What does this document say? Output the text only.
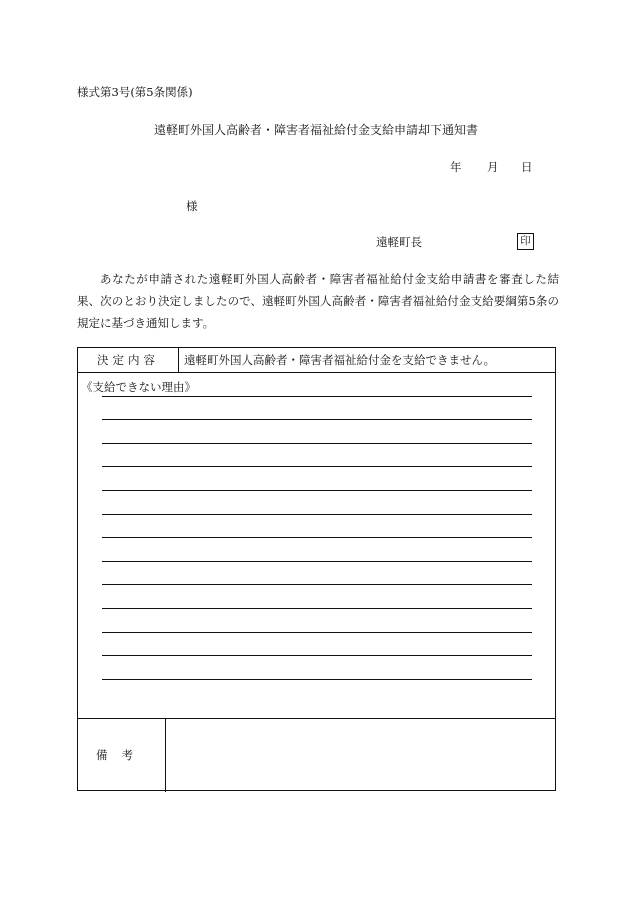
様式第3号(第5条関係)
遠軽町外国人高齢者・障害者福祉給付金支給申請却下通知書
年 月 日
様
遠軽町長	印

あなたが申請された遠軽町外国人高齢者・障害者福祉給付金支給申請書を審査した結果、次のとおり決定しましたので、遠軽町外国人高齢者・障害者福祉給付金支給要綱第5条の規定に基づき通知します。

決定内容	遠軽町外国人高齢者・障害者福祉給付金を支給できません。
《支給できない理由》
備考
